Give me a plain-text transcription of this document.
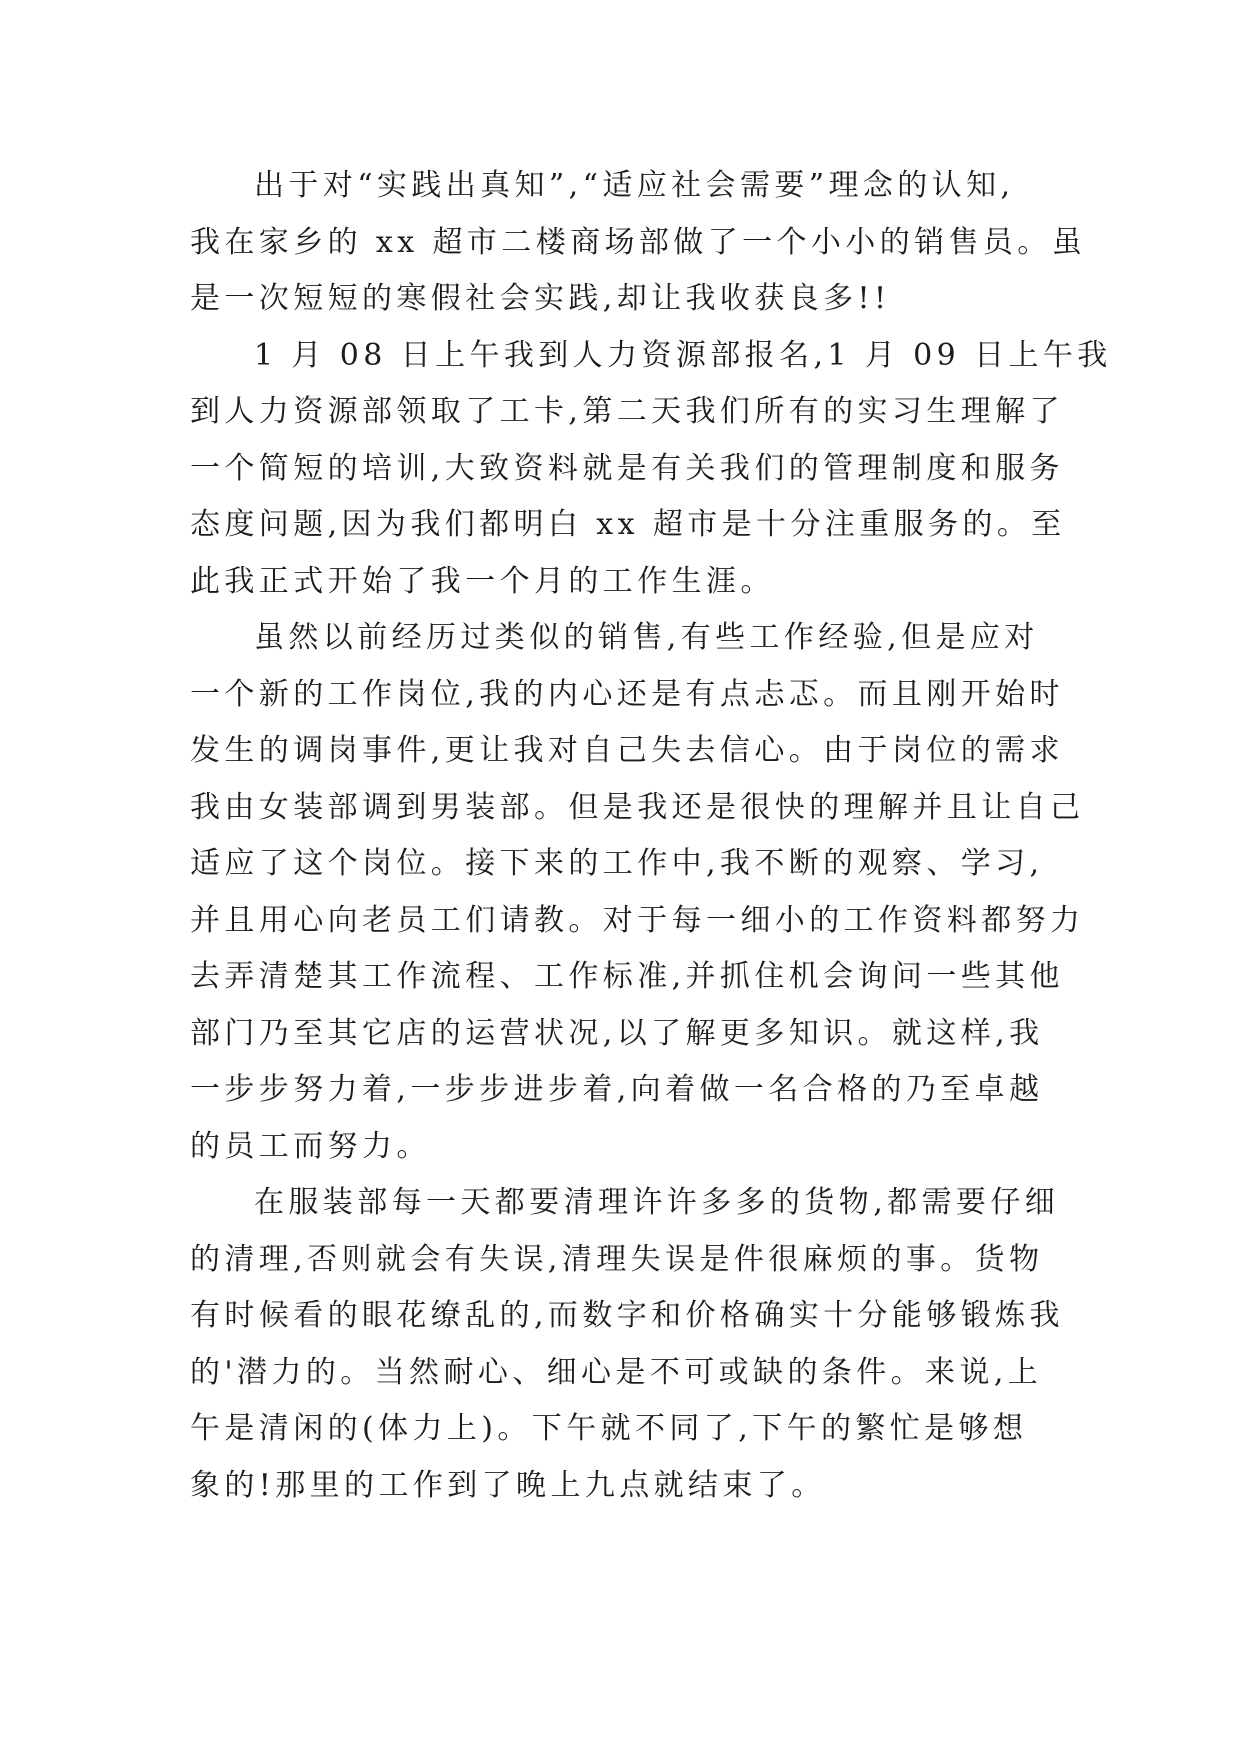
出于对“实践出真知”,“适应社会需要”理念的认知,
我在家乡的 xx 超市二楼商场部做了一个小小的销售员。虽
是一次短短的寒假社会实践,却让我收获良多!!
1 月 08 日上午我到人力资源部报名,1 月 09 日上午我
到人力资源部领取了工卡,第二天我们所有的实习生理解了
一个简短的培训,大致资料就是有关我们的管理制度和服务
态度问题,因为我们都明白 xx 超市是十分注重服务的。至
此我正式开始了我一个月的工作生涯。
虽然以前经历过类似的销售,有些工作经验,但是应对
一个新的工作岗位,我的内心还是有点忐忑。而且刚开始时
发生的调岗事件,更让我对自己失去信心。由于岗位的需求
我由女装部调到男装部。但是我还是很快的理解并且让自己
适应了这个岗位。接下来的工作中,我不断的观察、学习,
并且用心向老员工们请教。对于每一细小的工作资料都努力
去弄清楚其工作流程、工作标准,并抓住机会询问一些其他
部门乃至其它店的运营状况,以了解更多知识。就这样,我
一步步努力着,一步步进步着,向着做一名合格的乃至卓越
的员工而努力。
在服装部每一天都要清理许许多多的货物,都需要仔细
的清理,否则就会有失误,清理失误是件很麻烦的事。货物
有时候看的眼花缭乱的,而数字和价格确实十分能够锻炼我
的'潜力的。当然耐心、细心是不可或缺的条件。来说,上
午是清闲的(体力上)。下午就不同了,下午的繁忙是够想
象的!那里的工作到了晚上九点就结束了。
